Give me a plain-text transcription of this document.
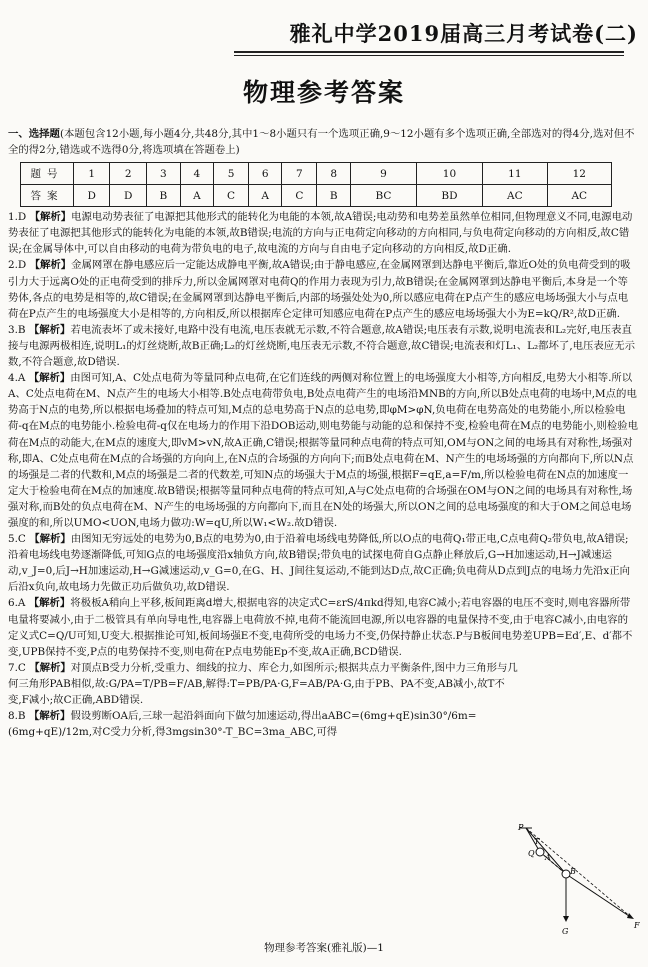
雅礼中学2019届高三月考试卷(二)
物理参考答案

一、选择题(本题包含12小题,每小题4分,共48分,其中1～8小题只有一个选项正确,9～12小题有多个选项正确,全部选对的得4分,选对但不全的得2分,错选或不选得0分,将选项填在答题卷上)

题号	1	2	3	4	5	6	7	8	9	10	11	12
答案	D	D	B	A	C	A	C	B	BC	BD	AC	AC

1.D 【解析】电源电动势表征了电源把其他形式的能转化为电能的本领,故A错误;电动势和电势差虽然单位相同,但物理意义不同,电源电动势表征了电源把其他形式的能转化为电能的本领,故B错误;电流的方向与正电荷定向移动的方向相同,与负电荷定向移动的方向相反,故C错误;在金属导体中,可以自由移动的电荷为带负电的电子,故电流的方向与自由电子定向移动的方向相反,故D正确.

2.D 【解析】金属网罩在静电感应后一定能达成静电平衡,故A错误;由于静电感应,在金属网罩到达静电平衡后,靠近O处的负电荷受到的吸引力大于远离O处的正电荷受到的排斥力,所以金属网罩对电荷Q的作用力表现为引力,故B错误;在金属网罩到达静电平衡后,本身是一个等势体,各点的电势是相等的,故C错误;在金属网罩到达静电平衡后,内部的场强处处为0,所以感应电荷在P点产生的感应电场场强大小与点电荷在P点产生的电场强度大小是相等的,方向相反,所以根据库仑定律可知感应电荷在P点产生的感应电场场强大小为E=kQ/R²,故D正确.

3.B 【解析】若电流表坏了或未接好,电路中没有电流,电压表就无示数,不符合题意,故A错误;电压表有示数,说明电流表和L₂完好,电压表直接与电源两极相连,说明L₁的灯丝烧断,故B正确;L₂的灯丝烧断,电压表无示数,不符合题意,故C错误;电流表和灯L₁、L₂都坏了,电压表应无示数,不符合题意,故D错误.

4.A 【解析】由图可知,A、C处点电荷为等量同种点电荷,在它们连线的两侧对称位置上的电场强度大小相等,方向相反,电势大小相等.所以A、C处点电荷在M、N点产生的电场大小相等.B处点电荷带负电,B处点电荷产生的电场沿MNB的方向,所以B处点电荷的电场中,M点的电势高于N点的电势,所以根据电场叠加的特点可知,M点的总电势高于N点的总电势,即φM>φN,负电荷在电势高处的电势能小,所以检验电荷-q在M点的电势能小.检验电荷-q仅在电场力的作用下沿DOB运动,则电势能与动能的总和保持不变,检验电荷在M点的电势能小,则检验电荷在M点的动能大,在M点的速度大,即vM>vN,故A正确,C错误;根据等量同种点电荷的特点可知,OM与ON之间的电场具有对称性,场强对称,即A、C处点电荷在M点的合场强的方向向上,在N点的合场强的方向向下;而B处点电荷在M、N产生的电场场强的方向都向下,所以N点的场强是二者的代数和,M点的场强是二者的代数差,可知N点的场强大于M点的场强,根据F=qE,a=F/m,所以检验电荷在N点的加速度一定大于检验电荷在M点的加速度.故B错误;根据等量同种点电荷的特点可知,A与C处点电荷的合场强在OM与ON之间的电场具有对称性,场强对称,而B处的负点电荷在M、N产生的电场场强的方向都向下,而且在N处的场强大,所以ON之间的总电场强度的和大于OM之间总电场强度的和,所以UMO<UON,电场力做功:W=qU,所以W₁<W₂.故D错误.

5.C 【解析】由图知无穷远处的电势为0,B点的电势为0,由于沿着电场线电势降低,所以O点的电荷Q₁带正电,C点电荷Q₂带负电,故A错误;沿着电场线电势逐渐降低,可知G点的电场强度沿x轴负方向,故B错误;带负电的试探电荷自G点静止释放后,G→H加速运动,H→J减速运动,v_J=0,后J→H加速运动,H→G减速运动,v_G=0,在G、H、J间往复运动,不能到达D点,故C正确;负电荷从D点到J点的电场力先沿x正向后沿x负向,故电场力先做正功后做负功,故D错误.

6.A 【解析】将极板A稍向上平移,板间距离d增大,根据电容的决定式C=εrS/4πkd得知,电容C减小;若电容器的电压不变时,则电容器所带电量将要减小,由于二极管具有单向导电性,电容器上电荷放不掉,电荷不能流回电源,所以电容器的电量保持不变,由于电容C减小,由电容的定义式C=Q/U可知,U变大.根据推论可知,板间场强E不变,电荷所受的电场力不变,仍保持静止状态.P与B板间电势差UPB=Ed′,E、d′都不变,UPB保持不变,P点的电势保持不变,则电荷在P点电势能Ep不变,故A正确,BCD错误.

7.C 【解析】对顶点B受力分析,受重力、细线的拉力、库仑力,如图所示;根据共点力平衡条件,图中力三角形与几何三角形PAB相似,故:G/PA=T/PB=F/AB,解得:T=PB/PA·G,F=AB/PA·G,由于PB、PA不变,AB减小,故T不变,F减小;故C正确,ABD错误.

8.B 【解析】假设剪断OA后,三球一起沿斜面向下做匀加速运动,得出aABC=(6mg+qE)sin30°/6m=(6mg+qE)/12m,对C受力分析,得3mgsin30°-T_BC=3ma_ABC,可得

P
T
A
Q
B
G
F
物理参考答案(雅礼版)—1
